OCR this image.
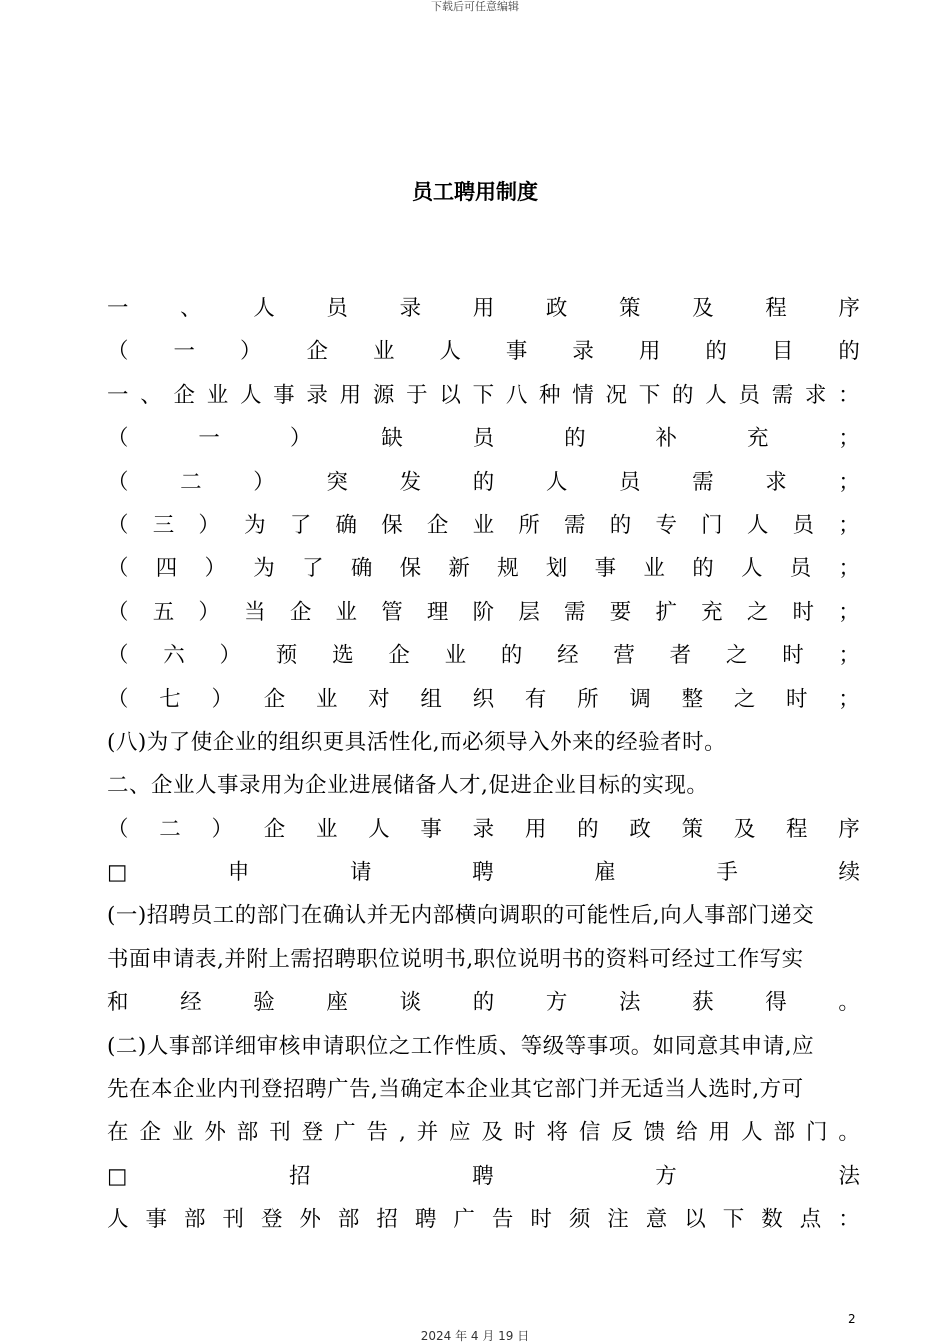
下载后可任意编辑
员工聘用制度
一 、 人 员 录 用 政 策 及 程 序
（ 一 ） 企 业 人 事 录 用 的 目 的
一 、 企 业 人 事 录 用 源 于 以 下 八 种 情 况 下 的 人 员 需 求 ：
（	一	）	缺	员	的	补	充	；
（ 二 ） 突 发 的 人 员 需 求 ；
（ 三 ） 为 了 确 保 企 业 所 需 的 专 门 人 员 ；
（ 四 ） 为 了 确 保 新 规 划 事 业 的 人 员 ；
（ 五 ） 当 企 业 管 理 阶 层 需 要 扩 充 之 时 ；
（ 六 ） 预 选 企 业 的 经 营 者 之 时 ；
（ 七 ） 企 业 对 组 织 有 所 调 整 之 时 ；
(八)为了使企业的组织更具活性化,而必须导入外来的经验者时。
二、企业人事录用为企业进展储备人才,促进企业目标的实现。
（ 二 ） 企 业 人 事 录 用 的 政 策 及 程 序
□	申	请	聘	雇	手	续
(一)招聘员工的部门在确认并无内部横向调职的可能性后,向人事部门递交
书面申请表,并附上需招聘职位说明书,职位说明书的资料可经过工作写实
和 经 验 座 谈 的 方 法 获 得 。
(二)人事部详细审核申请职位之工作性质、等级等事项。如同意其申请,应
先在本企业内刊登招聘广告,当确定本企业其它部门并无适当人选时,方可
在 企 业 外 部 刊 登 广 告 , 并 应 及 时 将 信 反 馈 给 用 人 部 门 。
□	招	聘	方	法
人 事 部 刊 登 外 部 招 聘 广 告 时 须 注 意 以 下 数 点 ：
2
2024 年 4 月 19 日
